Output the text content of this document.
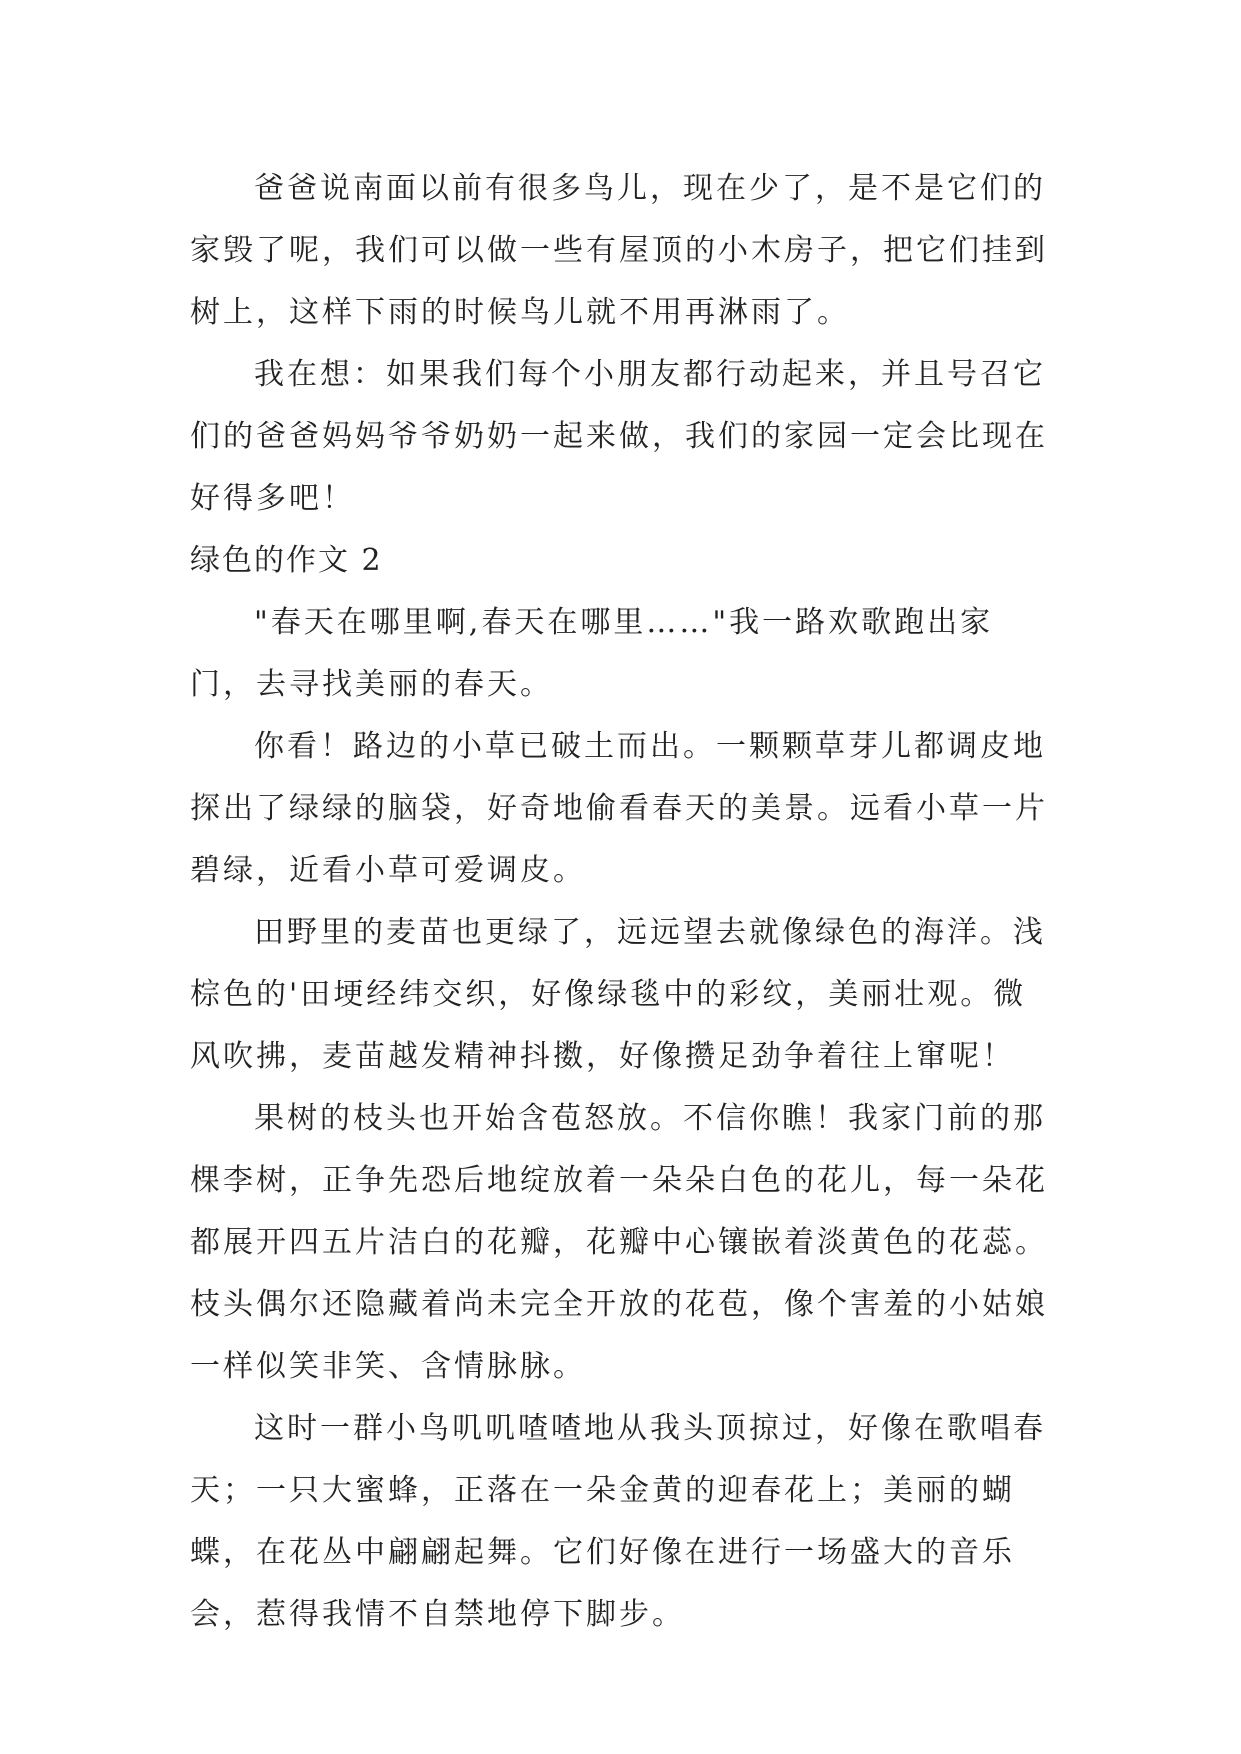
爸爸说南面以前有很多鸟儿，现在少了，是不是它们的家毁了呢，我们可以做一些有屋顶的小木房子，把它们挂到树上，这样下雨的时候鸟儿就不用再淋雨了。

我在想：如果我们每个小朋友都行动起来，并且号召它们的爸爸妈妈爷爷奶奶一起来做，我们的家园一定会比现在好得多吧！

绿色的作文 2

"春天在哪里啊,春天在哪里……"我一路欢歌跑出家门，去寻找美丽的春天。

你看！路边的小草已破土而出。一颗颗草芽儿都调皮地探出了绿绿的脑袋，好奇地偷看春天的美景。远看小草一片碧绿，近看小草可爱调皮。

田野里的麦苗也更绿了，远远望去就像绿色的海洋。浅棕色的'田埂经纬交织，好像绿毯中的彩纹，美丽壮观。微风吹拂，麦苗越发精神抖擞，好像攒足劲争着往上窜呢！

果树的枝头也开始含苞怒放。不信你瞧！我家门前的那棵李树，正争先恐后地绽放着一朵朵白色的花儿，每一朵花都展开四五片洁白的花瓣，花瓣中心镶嵌着淡黄色的花蕊。枝头偶尔还隐藏着尚未完全开放的花苞，像个害羞的小姑娘一样似笑非笑、含情脉脉。

这时一群小鸟叽叽喳喳地从我头顶掠过，好像在歌唱春天；一只大蜜蜂，正落在一朵金黄的迎春花上；美丽的蝴蝶，在花丛中翩翩起舞。它们好像在进行一场盛大的音乐会，惹得我情不自禁地停下脚步。
